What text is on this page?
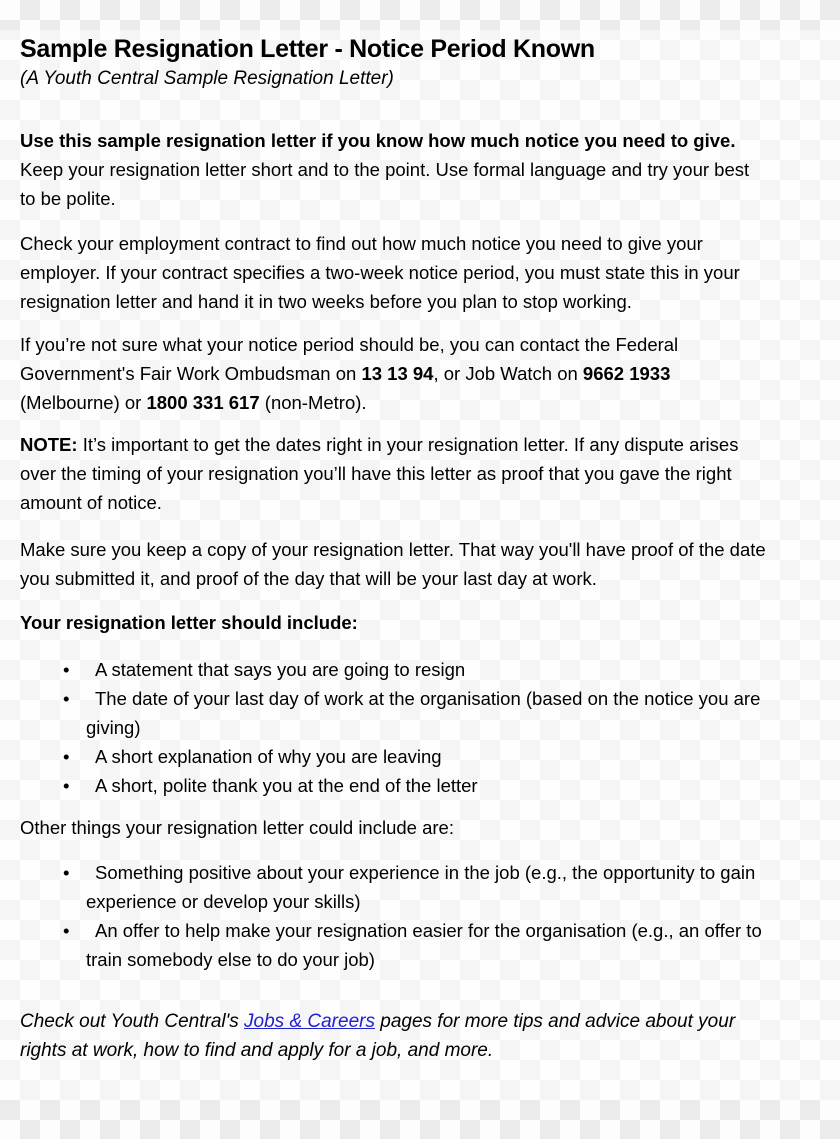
Sample Resignation Letter - Notice Period Known
(A Youth Central Sample Resignation Letter)

Use this sample resignation letter if you know how much notice you need to give.

Keep your resignation letter short and to the point. Use formal language and try your best
to be polite.

Check your employment contract to find out how much notice you need to give your
employer. If your contract specifies a two-week notice period, you must state this in your
resignation letter and hand it in two weeks before you plan to stop working.

If you’re not sure what your notice period should be, you can contact the Federal
Government's Fair Work Ombudsman on 13 13 94, or Job Watch on 9662 1933
(Melbourne) or 1800 331 617 (non-Metro).

NOTE: It’s important to get the dates right in your resignation letter. If any dispute arises
over the timing of your resignation you’ll have this letter as proof that you gave the right
amount of notice.

Make sure you keep a copy of your resignation letter. That way you'll have proof of the date
you submitted it, and proof of the day that will be your last day at work.

Your resignation letter should include:
• A statement that says you are going to resign
• The date of your last day of work at the organisation (based on the notice you are
giving)
• A short explanation of why you are leaving
• A short, polite thank you at the end of the letter
Other things your resignation letter could include are:
• Something positive about your experience in the job (e.g., the opportunity to gain
experience or develop your skills)
• An offer to help make your resignation easier for the organisation (e.g., an offer to
train somebody else to do your job)

Check out Youth Central's Jobs & Careers pages for more tips and advice about your
rights at work, how to find and apply for a job, and more.
